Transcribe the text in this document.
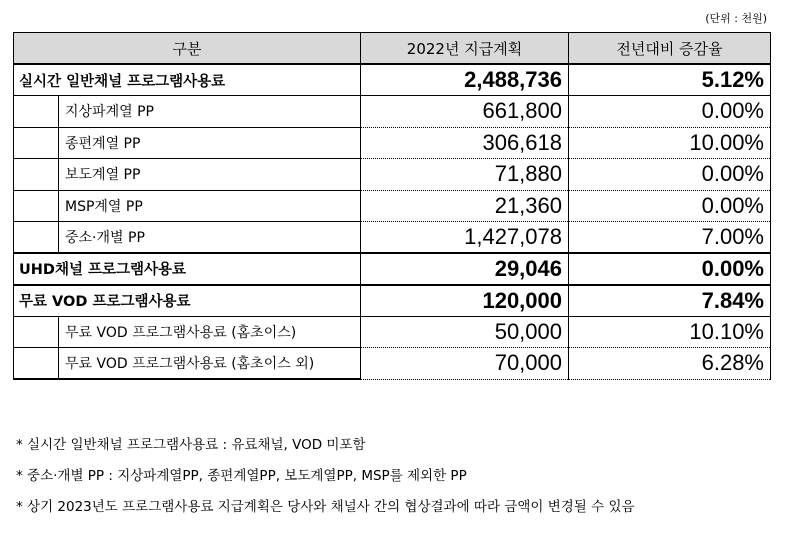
(단위 : 천원)
구분	2022년 지급계획	전년대비 증감율
실시간 일반채널 프로그램사용료	2,488,736	5.12%

지상파계열 PP	661,800	0.00%

종편계열 PP	306,618	10.00%

보도계열 PP	71,880	0.00%

MSP계열 PP	21,360	0.00%

중소·개별 PP	1,427,078	7.00%
UHD채널 프로그램사용료	29,046	0.00%
무료 VOD 프로그램사용료	120,000	7.84%

무료 VOD 프로그램사용료 (홈초이스)	50,000	10.10%

무료 VOD 프로그램사용료 (홈초이스 외)	70,000	6.28%
* 실시간 일반채널 프로그램사용료 : 유료채널, VOD 미포함
* 중소·개별 PP : 지상파계열PP, 종편계열PP, 보도계열PP, MSP를 제외한 PP
* 상기 2023년도 프로그램사용료 지급계획은 당사와 채널사 간의 협상결과에 따라 금액이 변경될 수 있음
